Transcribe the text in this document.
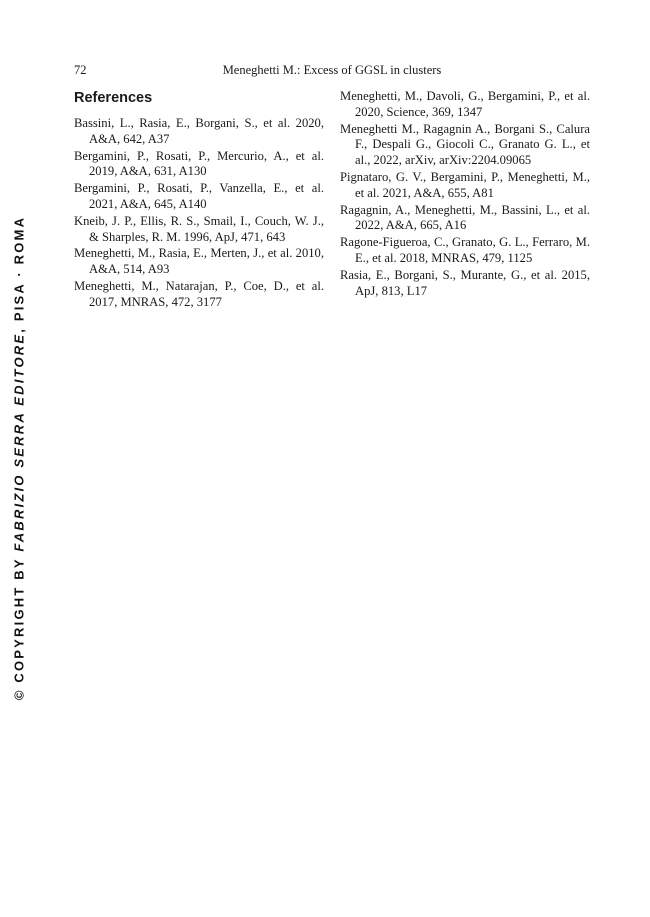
72	Meneghetti M.: Excess of GGSL in clusters
© COPYRIGHT BY FABRIZIO SERRA EDITORE, PISA · ROMA
References
Bassini, L., Rasia, E., Borgani, S., et al. 2020, A&A, 642, A37
Bergamini, P., Rosati, P., Mercurio, A., et al. 2019, A&A, 631, A130
Bergamini, P., Rosati, P., Vanzella, E., et al. 2021, A&A, 645, A140
Kneib, J. P., Ellis, R. S., Smail, I., Couch, W. J., & Sharples, R. M. 1996, ApJ, 471, 643
Meneghetti, M., Rasia, E., Merten, J., et al. 2010, A&A, 514, A93
Meneghetti, M., Natarajan, P., Coe, D., et al. 2017, MNRAS, 472, 3177
Meneghetti, M., Davoli, G., Bergamini, P., et al. 2020, Science, 369, 1347
Meneghetti M., Ragagnin A., Borgani S., Calura F., Despali G., Giocoli C., Granato G. L., et al., 2022, arXiv, arXiv:2204.09065
Pignataro, G. V., Bergamini, P., Meneghetti, M., et al. 2021, A&A, 655, A81
Ragagnin, A., Meneghetti, M., Bassini, L., et al. 2022, A&A, 665, A16
Ragone-Figueroa, C., Granato, G. L., Ferraro, M. E., et al. 2018, MNRAS, 479, 1125
Rasia, E., Borgani, S., Murante, G., et al. 2015, ApJ, 813, L17
